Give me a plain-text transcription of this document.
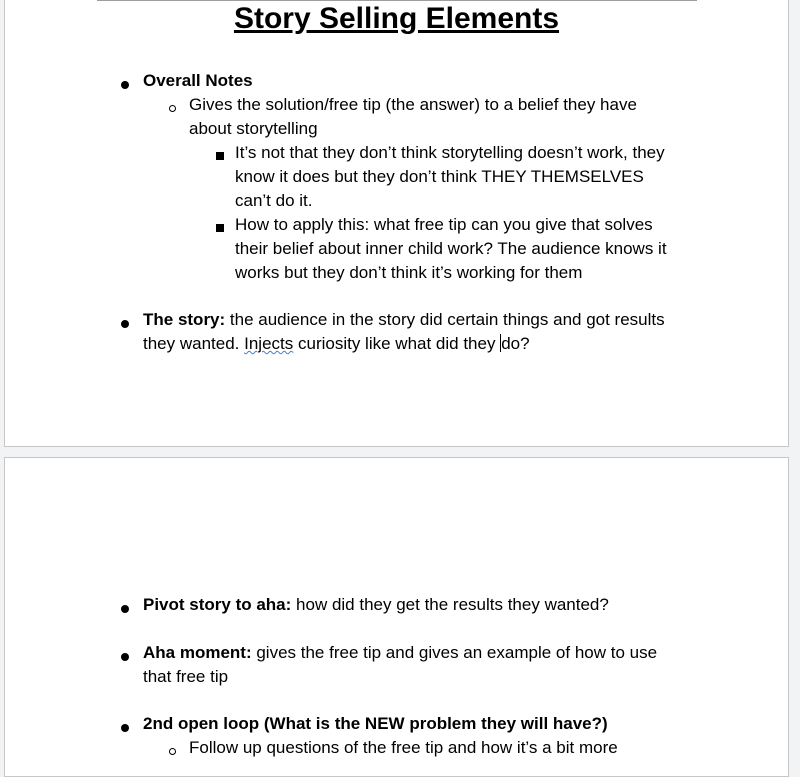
Story Selling Elements
Overall Notes
Gives the solution/free tip (the answer) to a belief they have
about storytelling
It’s not that they don’t think storytelling doesn’t work, they
know it does but they don’t think THEY THEMSELVES
can’t do it.
How to apply this: what free tip can you give that solves
their belief about inner child work? The audience knows it
works but they don’t think it’s working for them
The story: the audience in the story did certain things and got results
they wanted. Injects curiosity like what did they do?
Pivot story to aha: how did they get the results they wanted?
Aha moment: gives the free tip and gives an example of how to use
that free tip
2nd open loop (What is the NEW problem they will have?)
Follow up questions of the free tip and how it’s a bit more
